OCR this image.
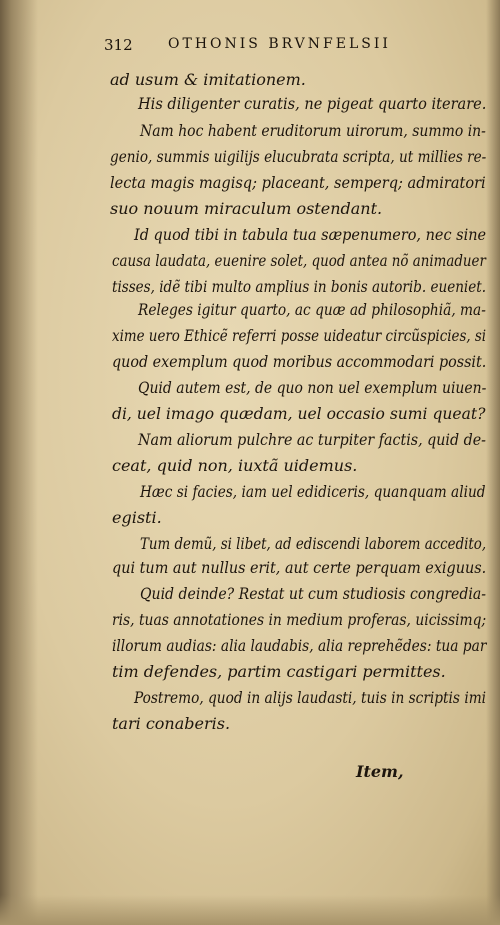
312	OTHONIS BRVNFELSII
ad usum & imitationem.
His diligenter curatis, ne pigeat quarto iterare.
Nam hoc habent eruditorum uirorum, summo in-
genio, summis uigilijs elucubrata scripta, ut millies re-
lecta magis magisq; placeant, semperq; admiratori
suo nouum miraculum ostendant.
Id quod tibi in tabula tua sæpenumero, nec sine
causa laudata, euenire solet, quod antea nõ animaduer
tisses, idẽ tibi multo amplius in bonis autorib. eueniet.
Releges igitur quarto, ac quæ ad philosophiã, ma-
xime uero Ethicẽ referri posse uideatur circũspicies, si
quod exemplum quod moribus accommodari possit.
Quid autem est, de quo non uel exemplum uiuen-
di, uel imago quædam, uel occasio sumi queat?
Nam aliorum pulchre ac turpiter factis, quid de-
ceat, quid non, iuxtã uidemus.
Hæc si facies, iam uel edidiceris, quanquam aliud
egisti.
Tum demũ, si libet, ad ediscendi laborem accedito,
qui tum aut nullus erit, aut certe perquam exiguus.
Quid deinde? Restat ut cum studiosis congredia-
ris, tuas annotationes in medium proferas, uicissimq;
illorum audias: alia laudabis, alia reprehẽdes: tua par
tim defendes, partim castigari permittes.
Postremo, quod in alijs laudasti, tuis in scriptis imi
tari conaberis.
Item,
